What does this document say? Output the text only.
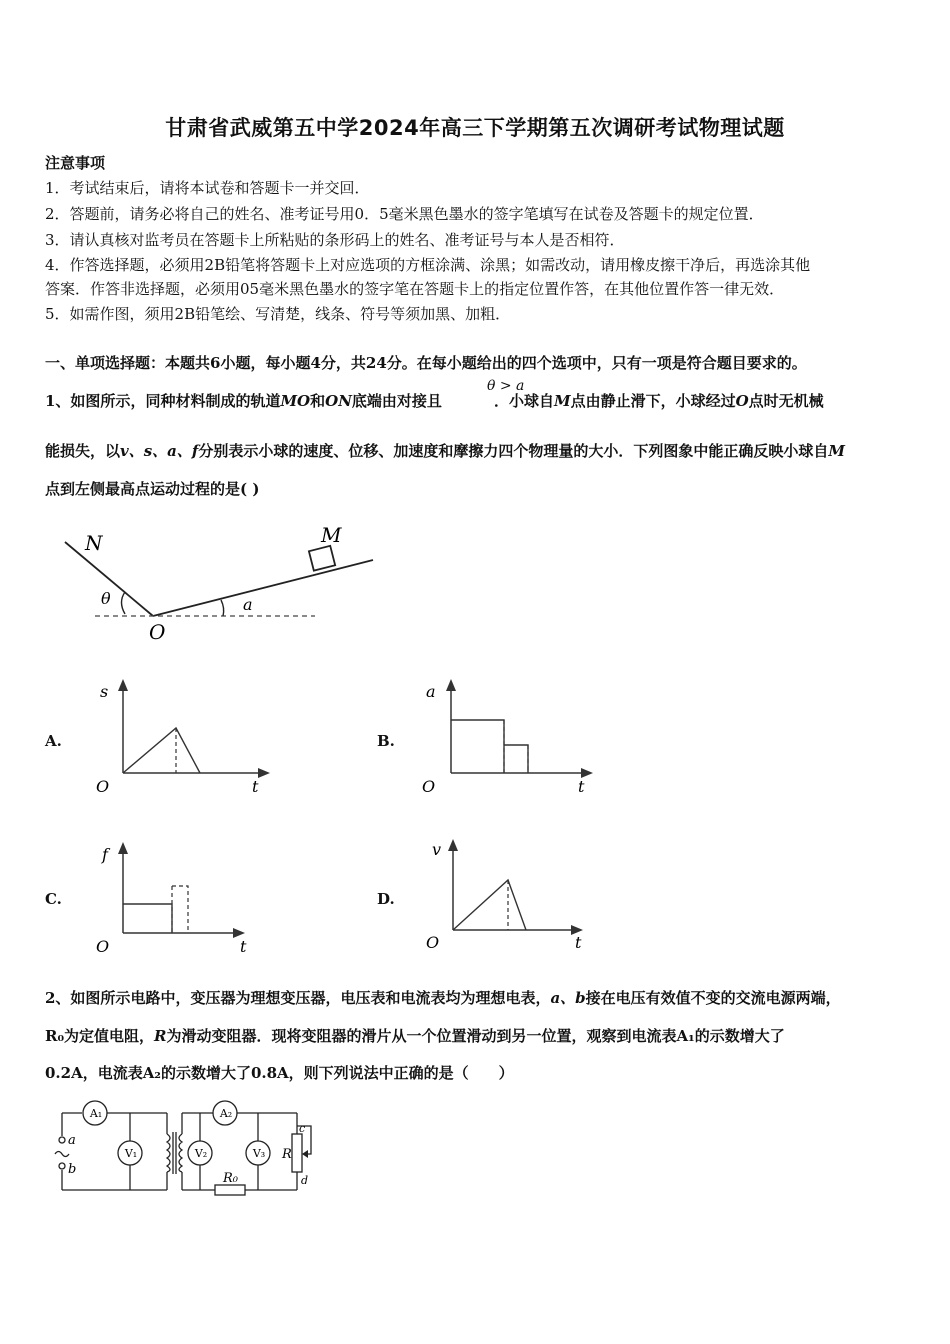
甘肃省武威第五中学2024年高三下学期第五次调研考试物理试题
注意事项
1．考试结束后，请将本试卷和答题卡一并交回．
2．答题前，请务必将自己的姓名、准考证号用0．5毫米黑色墨水的签字笔填写在试卷及答题卡的规定位置．
3．请认真核对监考员在答题卡上所粘贴的条形码上的姓名、准考证号与本人是否相符．
4．作答选择题，必须用2B铅笔将答题卡上对应选项的方框涂满、涂黑；如需改动，请用橡皮擦干净后，再选涂其他
答案．作答非选择题，必须用05毫米黑色墨水的签字笔在答题卡上的指定位置作答，在其他位置作答一律无效．
5．如需作图，须用2B铅笔绘、写清楚，线条、符号等须加黑、加粗．
一、单项选择题：本题共6小题，每小题4分，共24分。在每小题给出的四个选项中，只有一项是符合题目要求的。
1、如图所示，同种材料制成的轨道MO和ON底端由对接且	．小球自M点由静止滑下，小球经过O点时无机械
θ > a
能损失，以v、s、a、f分别表示小球的速度、位移、加速度和摩擦力四个物理量的大小．下列图象中能正确反映小球自M
点到左侧最高点运动过程的是( )
N	M
O
θ	a
A.
s
O	t
B.
a
O	t
C.
f
O	t
D.
v
O	t
2、如图所示电路中，变压器为理想变压器，电压表和电流表均为理想电表，a、b接在电压有效值不变的交流电源两端，
R₀为定值电阻，R为滑动变阻器．现将变阻器的滑片从一个位置滑动到另一位置，观察到电流表A₁的示数增大了
0.2A，电流表A₂的示数增大了0.8A，则下列说法中正确的是（　　）
A₁	A₂
V₁	V₂	V₃
a
b
R
R₀
c
d
